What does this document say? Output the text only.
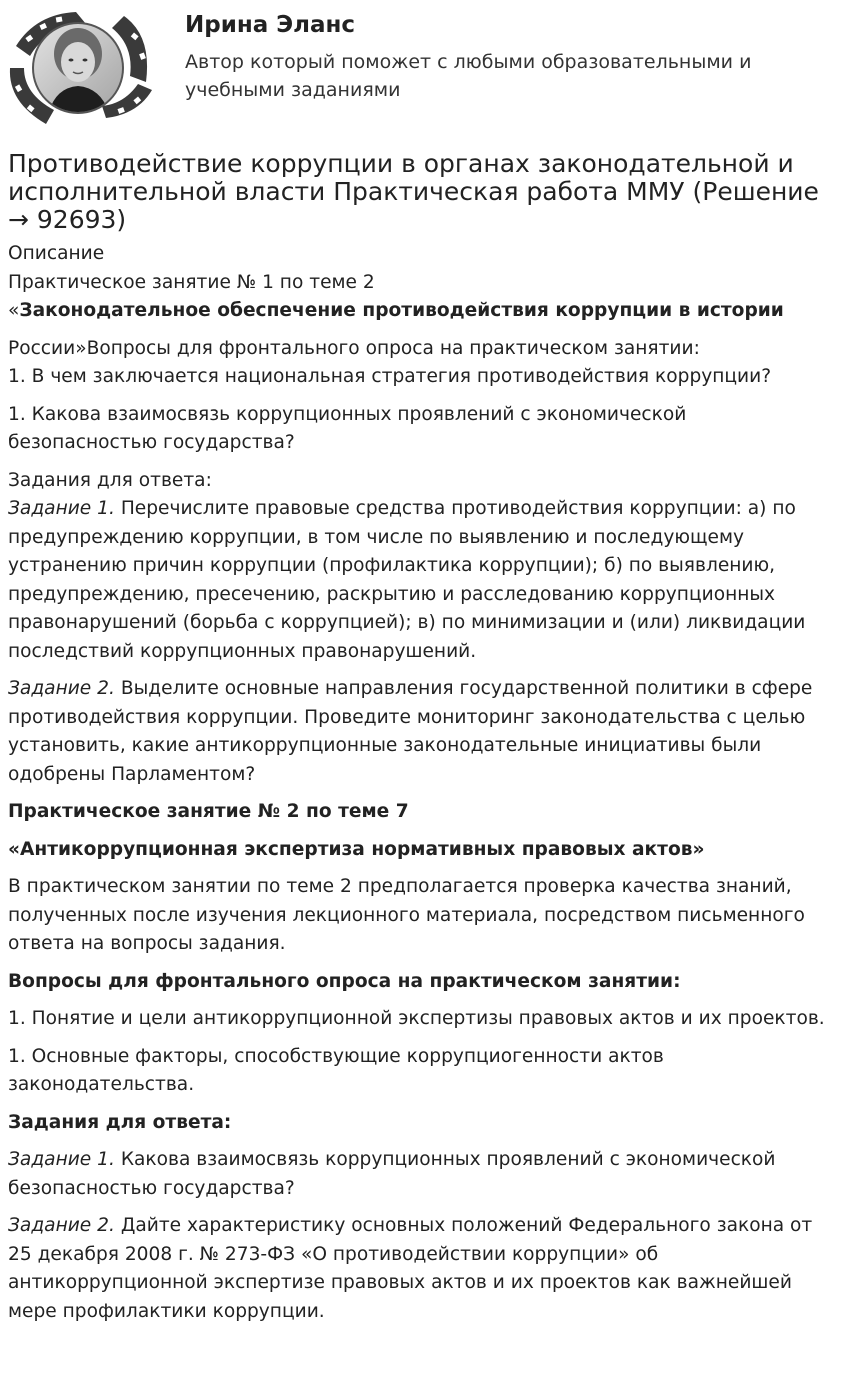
Ирина Эланс

Автор который поможет с любыми образовательными и учебными заданиями

Противодействие коррупции в органах законодательной и исполнительной власти Практическая работа ММУ (Решение → 92693)

Описание

Практическое занятие № 1 по теме 2

«Законодательное обеспечение противодействия коррупции в истории

России»Вопросы для фронтального опроса на практическом занятии:

1. В чем заключается национальная стратегия противодействия коррупции?

1. Какова взаимосвязь коррупционных проявлений с экономической безопасностью государства?

Задания для ответа:

Задание 1. Перечислите правовые средства противодействия коррупции: а) по предупреждению коррупции, в том числе по выявлению и последующему устранению причин коррупции (профилактика коррупции); б) по выявлению, предупреждению, пресечению, раскрытию и расследованию коррупционных правонарушений (борьба с коррупцией); в) по минимизации и (или) ликвидации последствий коррупционных правонарушений.

Задание 2. Выделите основные направления государственной политики в сфере противодействия коррупции. Проведите мониторинг законодательства с целью установить, какие антикоррупционные законодательные инициативы были одобрены Парламентом?

Практическое занятие № 2 по теме 7

«Антикоррупционная экспертиза нормативных правовых актов»

В практическом занятии по теме 2 предполагается проверка качества знаний, полученных после изучения лекционного материала, посредством письменного ответа на вопросы задания.

Вопросы для фронтального опроса на практическом занятии:

1. Понятие и цели антикоррупционной экспертизы правовых актов и их проектов.

1. Основные факторы, способствующие коррупциогенности актов законодательства.

Задания для ответа:

Задание 1. Какова взаимосвязь коррупционных проявлений с экономической безопасностью государства?

Задание 2. Дайте характеристику основных положений Федерального закона от 25 декабря 2008 г. № 273-ФЗ «О противодействии коррупции» об антикоррупционной экспертизе правовых актов и их проектов как важнейшей мере профилактики коррупции.
